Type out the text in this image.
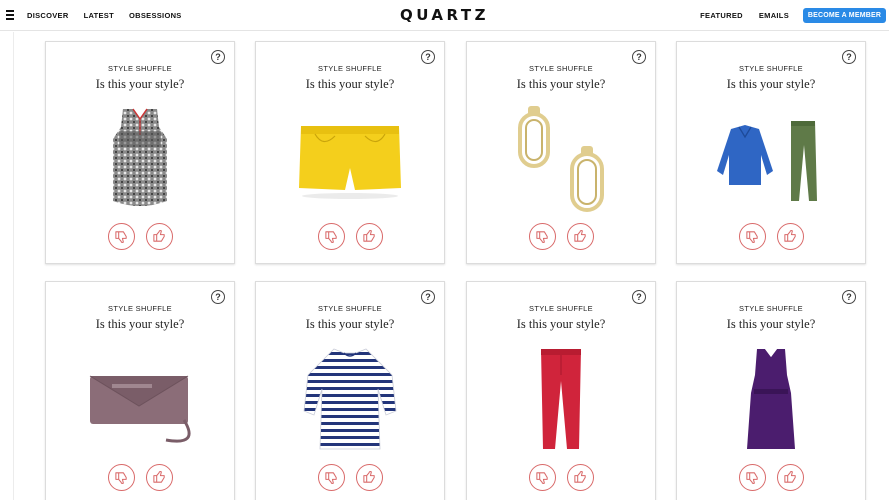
DISCOVER LATEST OBSESSIONS	QUARTZ	FEATURED EMAILS	BECOME A MEMBER
?
STYLE SHUFFLE
Is this your style?
?
STYLE SHUFFLE
Is this your style?
?
STYLE SHUFFLE
Is this your style?
?
STYLE SHUFFLE
Is this your style?
?
STYLE SHUFFLE
Is this your style?
?
STYLE SHUFFLE
Is this your style?
?
STYLE SHUFFLE
Is this your style?
?
STYLE SHUFFLE
Is this your style?
